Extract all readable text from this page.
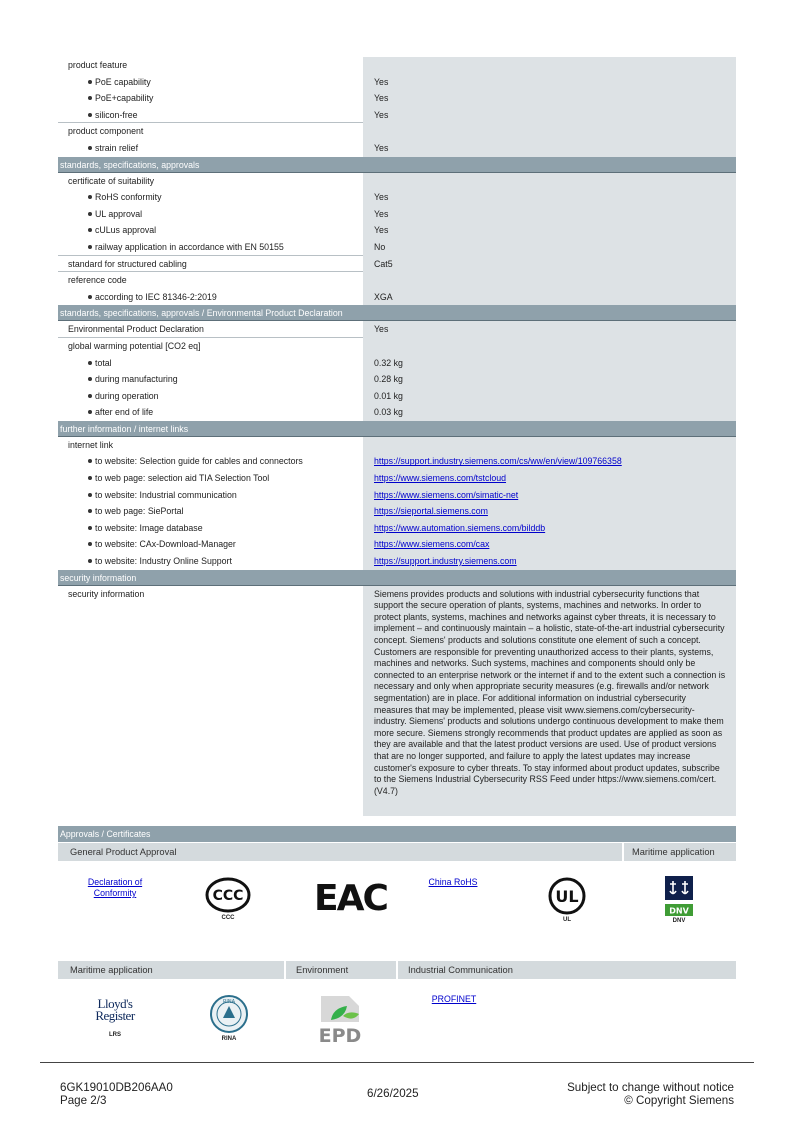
product feature
PoE capability	Yes
PoE+capability	Yes
silicon-free	Yes
product component
strain relief	Yes
standards, specifications, approvals
certificate of suitability
RoHS conformity	Yes
UL approval	Yes
cULus approval	Yes
railway application in accordance with EN 50155	No
standard for structured cabling	Cat5
reference code
according to IEC 81346-2:2019	XGA
standards, specifications, approvals / Environmental Product Declaration
Environmental Product Declaration	Yes
global warming potential [CO2 eq]
total	0.32 kg
during manufacturing	0.28 kg
during operation	0.01 kg
after end of life	0.03 kg
further information / internet links
internet link
to website: Selection guide for cables and connectors	https://support.industry.siemens.com/cs/ww/en/view/109766358
to web page: selection aid TIA Selection Tool	https://www.siemens.com/tstcloud
to website: Industrial communication	https://www.siemens.com/simatic-net
to web page: SiePortal	https://sieportal.siemens.com
to website: Image database	https://www.automation.siemens.com/bilddb
to website: CAx-Download-Manager	https://www.siemens.com/cax
to website: Industry Online Support	https://support.industry.siemens.com
security information
security information	Siemens provides products and solutions with industrial cybersecurity functions that support the secure operation of plants, systems, machines and networks. In order to protect plants, systems, machines and networks against cyber threats, it is necessary to implement – and continuously maintain – a holistic, state-of-the-art industrial cybersecurity concept. Siemens' products and solutions constitute one element of such a concept. Customers are responsible for preventing unauthorized access to their plants, systems, machines and networks. Such systems, machines and components should only be connected to an enterprise network or the internet if and to the extent such a connection is necessary and only when appropriate security measures (e.g. firewalls and/or network segmentation) are in place. For additional information on industrial cybersecurity measures that may be implemented, please visit www.siemens.com/cybersecurity-industry. Siemens' products and solutions undergo continuous development to make them more secure. Siemens strongly recommends that product updates are applied as soon as they are available and that the latest product versions are used. Use of product versions that are no longer supported, and failure to apply the latest updates may increase customer's exposure to cyber threats. To stay informed about product updates, subscribe to the Siemens Industrial Cybersecurity RSS Feed under https://www.siemens.com/cert. (V4.7)
Approvals / Certificates
General Product Approval	Maritime application
Declaration of Conformity	CCC
CCC	EAC	China RoHS
UL
UL
DNV
DNV
Maritime application	Environment	Industrial Communication
Lloyd's
Register
LRS
RINA
RINA	EPD
PROFINET
6GK19010DB206AA0
Page 2/3
6/26/2025	Subject to change without notice
© Copyright Siemens
